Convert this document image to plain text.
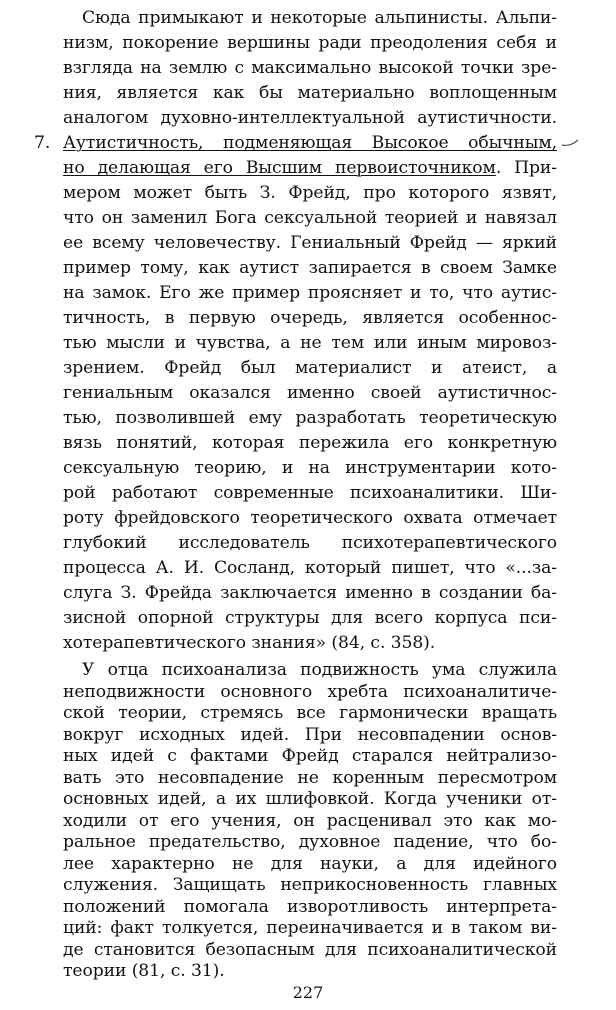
Сюда примыкают и некоторые альпинисты. Альпи-
низм, покорение вершины ради преодоления себя и
взгляда на землю с максимально высокой точки зре-
ния, является как бы материально воплощенным
аналогом духовно-интеллектуальной аутистичности.
7. Аутистичность, подменяющая Высокое обычным,
но делающая его Высшим первоисточником. При-
мером может быть З. Фрейд, про которого язвят,
что он заменил Бога сексуальной теорией и навязал
ее всему человечеству. Гениальный Фрейд — яркий
пример тому, как аутист запирается в своем Замке
на замок. Его же пример проясняет и то, что аутис-
тичность, в первую очередь, является особеннос-
тью мысли и чувства, а не тем или иным мировоз-
зрением. Фрейд был материалист и атеист, а
гениальным оказался именно своей аутистичнос-
тью, позволившей ему разработать теоретическую
вязь понятий, которая пережила его конкретную
сексуальную теорию, и на инструментарии кото-
рой работают современные психоаналитики. Ши-
роту фрейдовского теоретического охвата отмечает
глубокий исследователь психотерапевтического
процесса А. И. Сосланд, который пишет, что «...за-
слуга З. Фрейда заключается именно в создании ба-
зисной опорной структуры для всего корпуса пси-
хотерапевтического знания» (84, с. 358).
У отца психоанализа подвижность ума служила
неподвижности основного хребта психоаналитиче-
ской теории, стремясь все гармонически вращать
вокруг исходных идей. При несовпадении основ-
ных идей с фактами Фрейд старался нейтрализо-
вать это несовпадение не коренным пересмотром
основных идей, а их шлифовкой. Когда ученики от-
ходили от его учения, он расценивал это как мо-
ральное предательство, духовное падение, что бо-
лее характерно не для науки, а для идейного
служения. Защищать неприкосновенность главных
положений помогала изворотливость интерпрета-
ций: факт толкуется, переиначивается и в таком ви-
227
де становится безопасным для психоаналитической
теории (81, с. 31).
